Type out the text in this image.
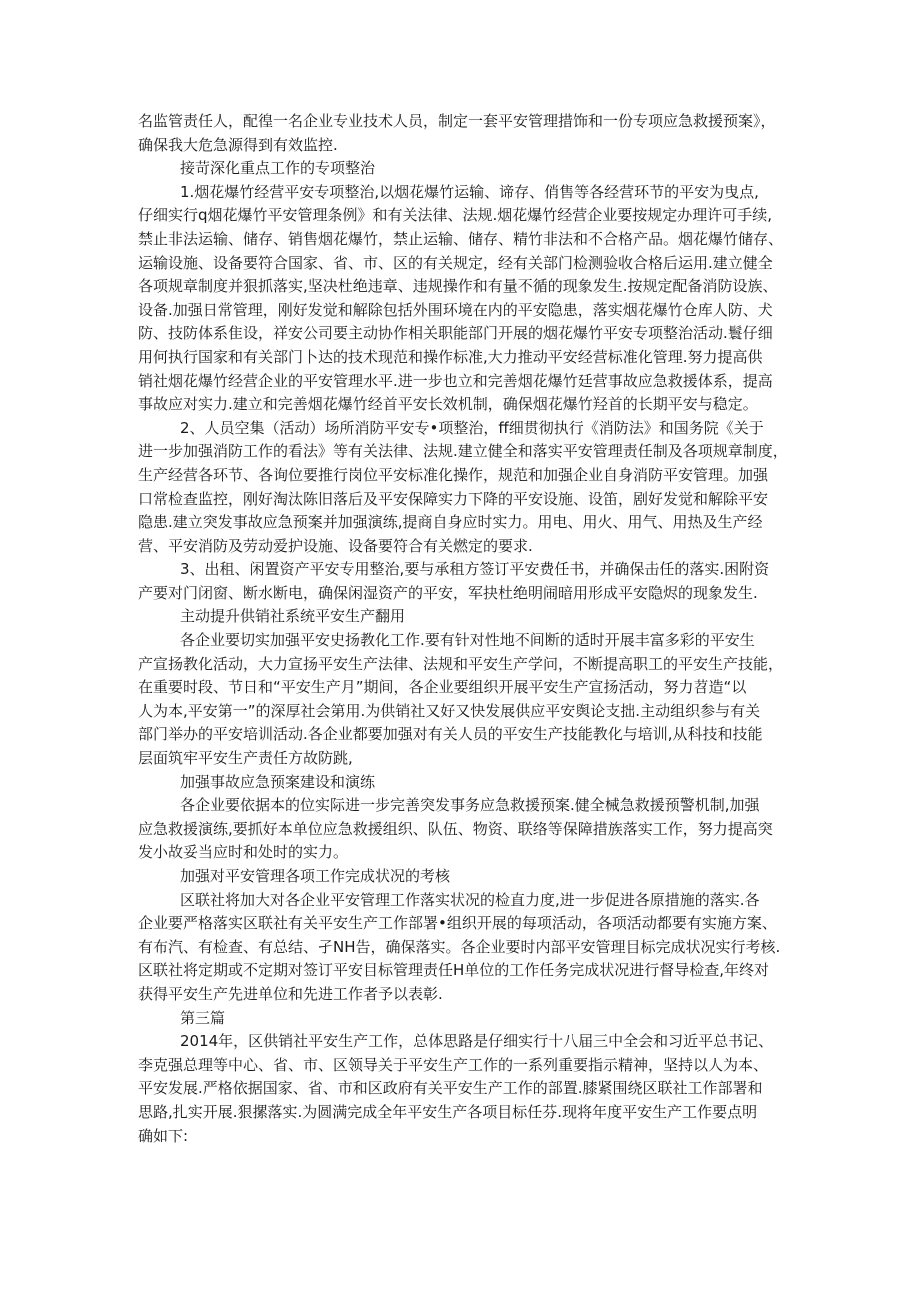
名监管责任人，配徨一名企业专业技术人员，制定一套平安管理措饰和一份专项应急救援预案》，
确保我大危急源得到有效监控.
接苛深化重点工作的专项整治
1.烟花爆竹经营平安专项整治,以烟花爆竹运输、谛存、俏售等各经营环节的平安为曳点,
仔细实行q烟花爆竹平安管理条例》和有关法律、法规.烟花爆竹经营企业要按规定办理许可手续,
禁止非法运输、储存、销售烟花爆竹，禁止运输、储存、精竹非法和不合格产品。烟花爆竹储存、
运输设施、设备要符合国家、省、市、区的有关规定，经有关部门检测验收合格后运用.建立健全
各项规章制度并狠抓落实,坚决杜绝违章、违规操作和有量不循的现象发生.按规定配备消防设族、
设备.加强日常管理，刚好发觉和解除包括外围环境在内的平安隐患，落实烟花爆竹仓库人防、犬
防、技防体系隹设，祥安公司要主动协作相关职能部门开展的烟花爆竹平安专项整治活动.鬟仔细
用何执行国家和有关部门卜达的技术现范和操作标准,大力推动平安经营标准化管理.努力提高供
销社烟花爆竹经营企业的平安管理水平.进一步也立和完善烟花爆竹廷营事故应急救援体系，提高
事故应对实力.建立和完善烟花爆竹经首平安长效机制，确保烟花爆竹羟首的长期平安与稳定。
2、人员空集（活动）场所消防平安专•项整治，ff细贯彻执行《消防法》和国务院《关于
进一步加强消防工作的看法》等有关法律、法规.建立健全和落实平安管理责任制及各项规章制度，
生产经营各环节、各询位要推行岗位平安标准化操作，规范和加强企业自身消防平安管理。加强
口常检查监控，刚好淘汰陈旧落后及平安保障实力下降的平安设施、设笛，剧好发觉和解除平安
隐患.建立突发事故应急预案并加强演练,提商自身应时实力。用电、用火、用气、用热及生产经
营、平安消防及劳动爱护设施、设备要符合有关燃定的要求.
3、出租、闲置资产平安专用整治,要与承租方签订平安费任书，并确保击任的落实.困附资
产要对门闭窗、断水断电，确保闲湿资产的平安，军抉杜绝明闹暗用形成平安隐烬的现象发生.
主动提升供销社系统平安生产翻用
各企业要切实加强平安史扬教化工作.要有针对性地不间断的适时开展丰富多彩的平安生
产宣扬教化活动，大力宣扬平安生产法律、法规和平安生产学问，不断提高职工的平安生产技能，
在重要时段、节日和“平安生产月”期间，各企业要组织开展平安生产宣扬活动，努力苕造“以
人为本,平安第一”的深厚社会第用.为供销社又好又快发展供应平安舆论支拙.主动组织参与有关
部门举办的平安培训活动.各企业都要加强对有关人员的平安生产技能教化与培训,从科技和技能
层面筑牢平安生产责任方故防跳,
加强事故应急预案建设和演练
各企业要依据本的位实际进一步完善突发事务应急救援预案.健全械急救援预警机制,加强
应急救援演练,要抓好本单位应急救援组织、队伍、物资、联络等保障措族落实工作，努力提高突
发小故妥当应时和处时的实力。
加强对平安管理各项工作完成状况的考核
区联社将加大对各企业平安管理工作落实状况的检直力度,进一步促进各原措施的落实.各
企业要严格落实区联社有关平安生产工作部署•组织开展的每项活动，各项活动都要有实施方案、
有布汽、有检查、有总结、孑NH告，确保落实。各企业要时内部平安管理目标完成状况实行考核.
区联社将定期或不定期对签订平安目标管理责任H单位的工作任务完成状况进行督导检查,年终对
获得平安生产先进单位和先进工作者予以表彰.
第三篇
2014年，区供销社平安生产工作，总体思路是仔细实行十八届三中全会和习近平总书记、
李克强总理等中心、省、市、区领导关于平安生产工作的一系列重要指示精神，坚持以人为本、
平安发展.严格依据国家、省、市和区政府有关平安生产工作的部置.膝紧围绕区联社工作部署和
思路,扎实开展.狠摞落实.为圆满完成全年平安生产各项目标任芬.现将年度平安生产工作要点明
确如下:
